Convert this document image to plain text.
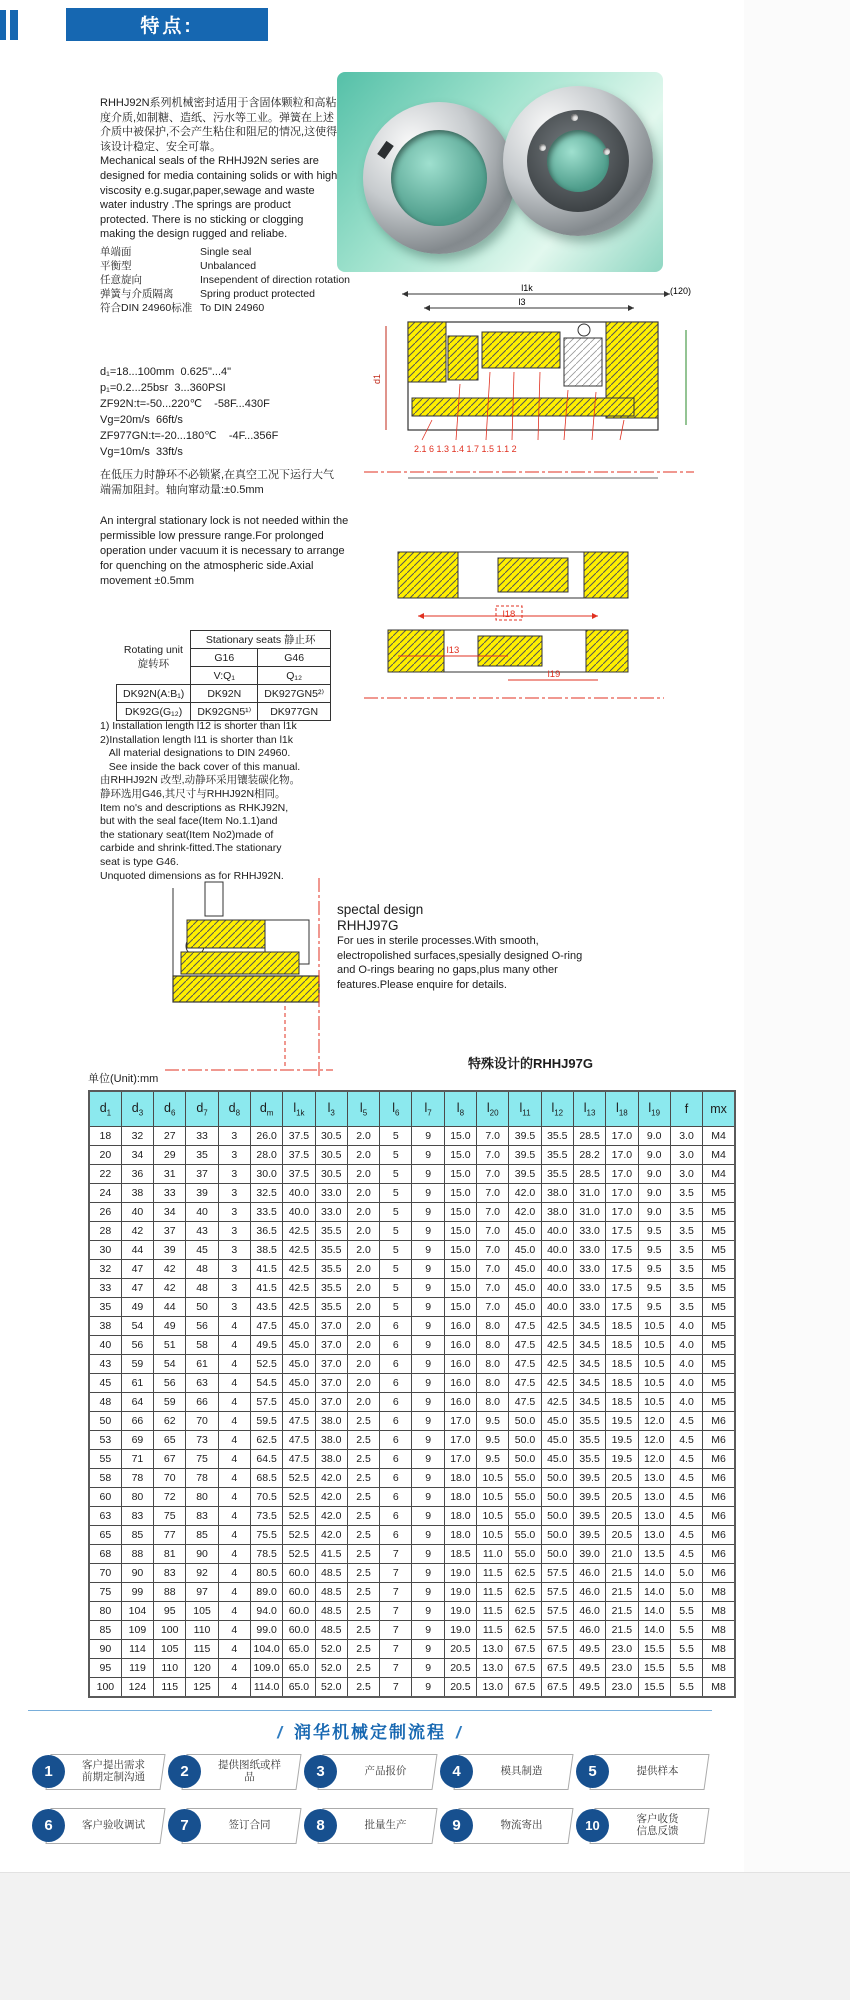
特点:

RHHJ92N系列机械密封适用于含固体颗粒和高粘度介质,如制糖、造纸、污水等工业。弹簧在上述介质中被保护,不会产生粘住和阻尼的情况,这使得该设计稳定、安全可靠。

Mechanical seals of the RHHJ92N series are designed for media containing solids or with high viscosity e.g.sugar,paper,sewage and waste water industry .The springs are product protected. There is no sticking or clogging making the design rugged and reliabe.

单端面	Single seal
平衡型	Unbalanced
任意旋向	Insependent of direction rotation
弹簧与介质隔离	Spring product protected
符合DIN 24960标准 To DIN 24960
d₁=18...100mm  0.625"...4"
p₁=0.2...25bsr  3...360PSI
ZF92N:t=-50...220℃    -58F...430F
Vg=20m/s  66ft/s
ZF977GN:t=-20...180℃    -4F...356F
Vg=10m/s  33ft/s
在低压力时静环不必锁紧,在真空工况下运行大气端需加阻封。轴向窜动量:±0.5mm
An intergral stationary lock is not needed within the permissible low pressure range.For prolonged operation under vacuum it is necessary to arrange for quenching on the atmospheric side.Axial movement ±0.5mm
l1k
l3
(120)
d1
2.1 6 1.3 1.4 1.7 1.5 1.1 2
l18
l13
l19
Rotating unit
旋转环	Stationary seats 静止环	
	G16	G46
	V:Q₁	Q₁₂
DK92N(A:B₁)	DK92N	DK927GN5²⁾
DK92G(G₁₂)	DK92GN5¹⁾	DK977GN
1) Installation length l12 is shorter than l1k
2)Installation length l11 is shorter than l1k
All material designations to DIN 24960.
See inside the back cover of this manual.
由RHHJ92N 改型,动静环采用镶装碳化物。
静环选用G46,其尺寸与RHHJ92N相同。
Item no's and descriptions as RHKJ92N,
but with the seal face(Item No.1.1)and
the stationary seat(Item No2)made of
carbide and shrink-fitted.The stationary
seat is type G46.
Unquoted dimensions as for RHHJ92N.
spectal design
RHHJ97G
For ues in sterile processes.With smooth, electropolished surfaces,spesially designed O-ring and O-rings bearing no gaps,plus many other features.Please enquire for details.
特殊设计的RHHJ97G
单位(Unit):mm
$d_1$	$d_3$	$d_6$	$d_7$	$d_8$	$d_m$	$l_{1k}$	$l_3$	$l_5$	$l_6$	$l_7$	$l_8$	$l_{20}$	$l_{11}$	$l_{12}$	$l_{13}$	$l_{18}$	$l_{19}$	f	mx
18	32	27	33	3	26.0	37.5	30.5	2.0	5	9	15.0	7.0	39.5	35.5	28.5	17.0	9.0	3.0	M4
20	34	29	35	3	28.0	37.5	30.5	2.0	5	9	15.0	7.0	39.5	35.5	28.2	17.0	9.0	3.0	M4
22	36	31	37	3	30.0	37.5	30.5	2.0	5	9	15.0	7.0	39.5	35.5	28.5	17.0	9.0	3.0	M4
24	38	33	39	3	32.5	40.0	33.0	2.0	5	9	15.0	7.0	42.0	38.0	31.0	17.0	9.0	3.5	M5
26	40	34	40	3	33.5	40.0	33.0	2.0	5	9	15.0	7.0	42.0	38.0	31.0	17.0	9.0	3.5	M5
28	42	37	43	3	36.5	42.5	35.5	2.0	5	9	15.0	7.0	45.0	40.0	33.0	17.5	9.5	3.5	M5
30	44	39	45	3	38.5	42.5	35.5	2.0	5	9	15.0	7.0	45.0	40.0	33.0	17.5	9.5	3.5	M5
32	47	42	48	3	41.5	42.5	35.5	2.0	5	9	15.0	7.0	45.0	40.0	33.0	17.5	9.5	3.5	M5
33	47	42	48	3	41.5	42.5	35.5	2.0	5	9	15.0	7.0	45.0	40.0	33.0	17.5	9.5	3.5	M5
35	49	44	50	3	43.5	42.5	35.5	2.0	5	9	15.0	7.0	45.0	40.0	33.0	17.5	9.5	3.5	M5
38	54	49	56	4	47.5	45.0	37.0	2.0	6	9	16.0	8.0	47.5	42.5	34.5	18.5	10.5	4.0	M5
40	56	51	58	4	49.5	45.0	37.0	2.0	6	9	16.0	8.0	47.5	42.5	34.5	18.5	10.5	4.0	M5
43	59	54	61	4	52.5	45.0	37.0	2.0	6	9	16.0	8.0	47.5	42.5	34.5	18.5	10.5	4.0	M5
45	61	56	63	4	54.5	45.0	37.0	2.0	6	9	16.0	8.0	47.5	42.5	34.5	18.5	10.5	4.0	M5
48	64	59	66	4	57.5	45.0	37.0	2.0	6	9	16.0	8.0	47.5	42.5	34.5	18.5	10.5	4.0	M5
50	66	62	70	4	59.5	47.5	38.0	2.5	6	9	17.0	9.5	50.0	45.0	35.5	19.5	12.0	4.5	M6
53	69	65	73	4	62.5	47.5	38.0	2.5	6	9	17.0	9.5	50.0	45.0	35.5	19.5	12.0	4.5	M6
55	71	67	75	4	64.5	47.5	38.0	2.5	6	9	17.0	9.5	50.0	45.0	35.5	19.5	12.0	4.5	M6
58	78	70	78	4	68.5	52.5	42.0	2.5	6	9	18.0	10.5	55.0	50.0	39.5	20.5	13.0	4.5	M6
60	80	72	80	4	70.5	52.5	42.0	2.5	6	9	18.0	10.5	55.0	50.0	39.5	20.5	13.0	4.5	M6
63	83	75	83	4	73.5	52.5	42.0	2.5	6	9	18.0	10.5	55.0	50.0	39.5	20.5	13.0	4.5	M6
65	85	77	85	4	75.5	52.5	42.0	2.5	6	9	18.0	10.5	55.0	50.0	39.5	20.5	13.0	4.5	M6
68	88	81	90	4	78.5	52.5	41.5	2.5	7	9	18.5	11.0	55.0	50.0	39.0	21.0	13.5	4.5	M6
70	90	83	92	4	80.5	60.0	48.5	2.5	7	9	19.0	11.5	62.5	57.5	46.0	21.5	14.0	5.0	M6
75	99	88	97	4	89.0	60.0	48.5	2.5	7	9	19.0	11.5	62.5	57.5	46.0	21.5	14.0	5.0	M8
80	104	95	105	4	94.0	60.0	48.5	2.5	7	9	19.0	11.5	62.5	57.5	46.0	21.5	14.0	5.5	M8
85	109	100	110	4	99.0	60.0	48.5	2.5	7	9	19.0	11.5	62.5	57.5	46.0	21.5	14.0	5.5	M8
90	114	105	115	4	104.0	65.0	52.0	2.5	7	9	20.5	13.0	67.5	67.5	49.5	23.0	15.5	5.5	M8
95	119	110	120	4	109.0	65.0	52.0	2.5	7	9	20.5	13.0	67.5	67.5	49.5	23.0	15.5	5.5	M8
100	124	115	125	4	114.0	65.0	52.0	2.5	7	9	20.5	13.0	67.5	67.5	49.5	23.0	15.5	5.5	M8
/ 润华机械定制流程 /
客户提出需求
前期定制沟通
1	提供图纸或样
品
2	产品报价
3	模具制造
4	提供样本
5
客户验收调试
6	签订合同
7	批量生产
8	物流寄出
9	客户收货
信息反馈
10
